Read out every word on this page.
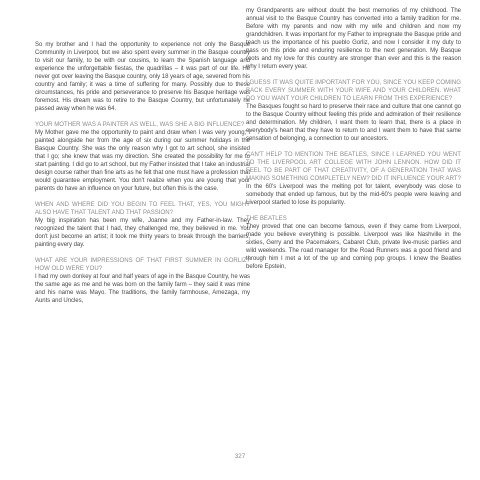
So my brother and I had the opportunity to experience not only the Basque Community in Liverpool, but we also spent every summer in the Basque country to visit our family, to be with our cousins, to learn the Spanish language and experience the unforgettable fiestas, the quadrillas – it was part of our life. He never got over leaving the Basque country, only 18 years of age, severed from his country and family; it was a time of suffering for many. Possibly due to these circumstances, his pride and perseverance to preserve his Basque heritage was foremost. His dream was to retire to the Basque Country, but unfortunately he passed away when he was 64.

YOUR MOTHER WAS A PAINTER AS WELL, WAS SHE A BIG INFLUENCE?

My Mother gave me the opportunity to paint and draw when I was very young; I painted alongside her from the age of six during our summer holidays in the Basque Country. She was the only reason why I got to art school, she insisted that I go; she knew that was my direction. She created the possibility for me to start painting. I did go to art school, but my Father insisted that I take an industrial design course rather than fine arts as he felt that one must have a profession that would guarantee employment. You don't realize when you are young that your parents do have an influence on your future, but often this is the case.

WHEN AND WHERE DID YOU BEGIN TO FEEL THAT, YES, YOU MIGHT ALSO HAVE THAT TALENT AND THAT PASSION?

My big inspiration has been my wife, Joanne and my Father-in-law. They recognized the talent that I had, they challenged me, they believed in me. You don't just become an artist; it took me thirty years to break through the barriers, painting every day.

WHAT ARE YOUR IMPRESSIONS OF THAT FIRST SUMMER IN GORLIZ? HOW OLD WERE YOU?

I had my own donkey at four and half years of age in the Basque Country, he was the same age as me and he was born on the family farm – they said it was mine and his name was Mayo. The traditions, the family farmhouse, Amezaga, my Aunts and Uncles,

my Grandparents are without doubt the best memories of my childhood. The annual visit to the Basque Country has converted into a family tradition for me. Before with my parents and now with my wife and children and now my grandchildren. It was important for my Father to impregnate the Basque pride and teach us the importance of his pueblo Gorliz, and now I consider it my duty to pass on this pride and enduring resilience to the next generation. My Basque roots and my love for this country are stronger than ever and this is the reason why I return every year.

I GUESS IT WAS QUITE IMPORTANT FOR YOU, SINCE YOU KEEP COMING BACK EVERY SUMMER WITH YOUR WIFE AND YOUR CHILDREN. WHAT DO YOU WANT YOUR CHILDREN TO LEARN FROM THIS EXPERIENCE?

The Basques fought so hard to preserve their race and culture that one cannot go to the Basque Country without feeling this pride and admiration of their resilience and determination. My children, I want them to learn that, there is a place in everybody's heart that they have to return to and I want them to have that same sensation of belonging, a connection to our ancestors.

CAN'T HELP TO MENTION THE BEATLES, SINCE I LEARNED YOU WENT TO THE LIVERPOOL ART COLLEGE WITH JOHN LENNON. HOW DID IT FEEL TO BE PART OF THAT CREATIVITY, OF A GENERATION THAT WAS MAKING SOMETHING COMPLETELY NEW? DID IT INFLUENCE YOUR ART?

In the 60's Liverpool was the melting pot for talent, everybody was close to somebody that ended up famous, but by the mid-60's people were leaving and Liverpool started to lose its popularity.

THE BEATLES

They proved that one can become famous, even if they came from Liverpool, made you believe everything is possible. Liverpool was like Nashville in the sixties, Gerry and the Pacemakers, Cabaret Club, private live-music parties and wild weekends. The road manager for the Road Runners was a good friend and through him I met a lot of the up and coming pop groups. I knew the Beatles before Epstein,

327
